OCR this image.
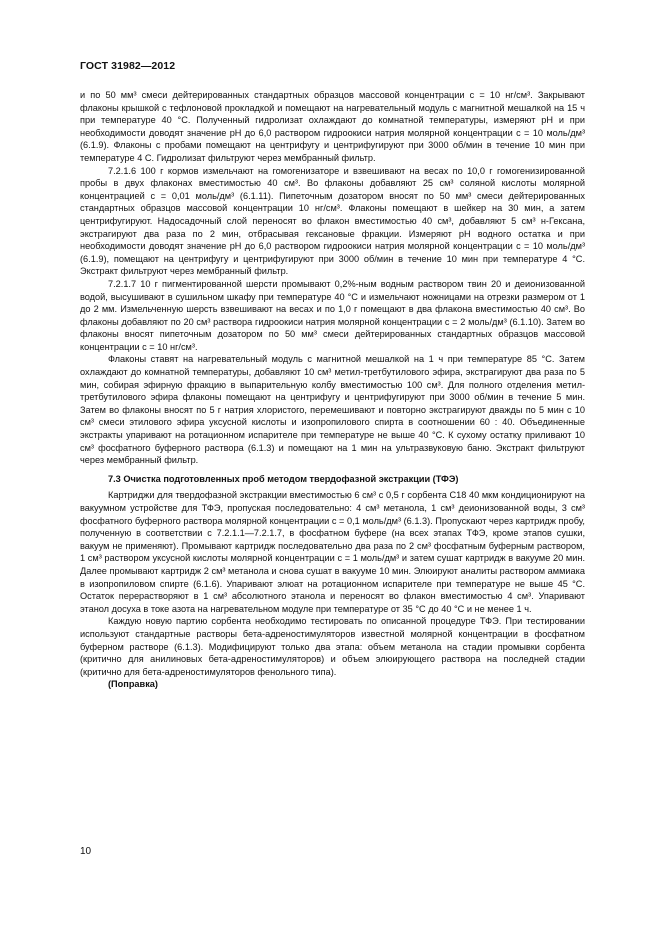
ГОСТ 31982—2012

и по 50 мм³ смеси дейтерированных стандартных образцов массовой концентрации c = 10 нг/см³. Закрывают флаконы крышкой с тефлоновой прокладкой и помещают на нагревательный модуль с магнитной мешалкой на 15 ч при температуре 40 °C. Полученный гидролизат охлаждают до комнатной температуры, измеряют pH и при необходимости доводят значение pH до 6,0 раствором гидроокиси натрия молярной концентрации c = 10 моль/дм³ (6.1.9). Флаконы с пробами помещают на центрифугу и центрифугируют при 3000 об/мин в течение 10 мин при температуре 4 C. Гидролизат фильтруют через мембранный фильтр.

7.2.1.6 100 г кормов измельчают на гомогенизаторе и взвешивают на весах по 10,0 г гомогенизированной пробы в двух флаконах вместимостью 40 см³. Во флаконы добавляют 25 см³ соляной кислоты молярной концентрацией c = 0,01 моль/дм³ (6.1.11). Пипеточным дозатором вносят по 50 мм³ смеси дейтерированных стандартных образцов массовой концентрации 10 нг/см³. Флаконы помещают в шейкер на 30 мин, а затем центрифугируют. Надосадочный слой переносят во флакон вместимостью 40 см³, добавляют 5 см³ н-Гексана, экстрагируют два раза по 2 мин, отбрасывая гексановые фракции. Измеряют pH водного остатка и при необходимости доводят значение pH до 6,0 раствором гидроокиси натрия молярной концентрации c = 10 моль/дм³ (6.1.9), помещают на центрифугу и центрифугируют при 3000 об/мин в течение 10 мин при температуре 4 °C. Экстракт фильтруют через мембранный фильтр.

7.2.1.7 10 г пигментированной шерсти промывают 0,2%-ным водным раствором твин 20 и деионизованной водой, высушивают в сушильном шкафу при температуре 40 °C и измельчают ножницами на отрезки размером от 1 до 2 мм. Измельченную шерсть взвешивают на весах и по 1,0 г помещают в два флакона вместимостью 40 см³. Во флаконы добавляют по 20 см³ раствора гидроокиси натрия молярной концентрации c = 2 моль/дм³ (6.1.10). Затем во флаконы вносят пипеточным дозатором по 50 мм³ смеси дейтерированных стандартных образцов массовой концентрации c = 10 нг/см³.

Флаконы ставят на нагревательный модуль с магнитной мешалкой на 1 ч при температуре 85 °C. Затем охлаждают до комнатной температуры, добавляют 10 см³ метил-третбутилового эфира, экстрагируют два раза по 5 мин, собирая эфирную фракцию в выпарительную колбу вместимостью 100 см³. Для полного отделения метил-третбутилового эфира флаконы помещают на центрифугу и центрифугируют при 3000 об/мин в течение 5 мин. Затем во флаконы вносят по 5 г натрия хлористого, перемешивают и повторно экстрагируют дважды по 5 мин с 10 см³ смеси этилового эфира уксусной кислоты и изопропилового спирта в соотношении 60 : 40. Объединенные экстракты упаривают на ротационном испарителе при температуре не выше 40 °C. К сухому остатку приливают 10 см³ фосфатного буферного раствора (6.1.3) и помещают на 1 мин на ультразвуковую баню. Экстракт фильтруют через мембранный фильтр.

7.3 Очистка подготовленных проб методом твердофазной экстракции (ТФЭ)

Картриджи для твердофазной экстракции вместимостью 6 см³ с 0,5 г сорбента C18 40 мкм кондиционируют на вакуумном устройстве для ТФЭ, пропуская последовательно: 4 см³ метанола, 1 см³ деионизованной воды, 3 см³ фосфатного буферного раствора молярной концентрации c = 0,1 моль/дм³ (6.1.3). Пропускают через картридж пробу, полученную в соответствии с 7.2.1.1—7.2.1.7, в фосфатном буфере (на всех этапах ТФЭ, кроме этапов сушки, вакуум не применяют). Промывают картридж последовательно два раза по 2 см³ фосфатным буферным раствором, 1 см³ раствором уксусной кислоты молярной концентрации c = 1 моль/дм³ и затем сушат картридж в вакууме 20 мин. Далее промывают картридж 2 см³ метанола и снова сушат в вакууме 10 мин. Элюируют аналиты раствором аммиака в изопропиловом спирте (6.1.6). Упаривают элюат на ротационном испарителе при температуре не выше 45 °C. Остаток перерастворяют в 1 см³ абсолютного этанола и переносят во флакон вместимостью 4 см³. Упаривают этанол досуха в токе азота на нагревательном модуле при температуре от 35 °C до 40 °C и не менее 1 ч.

Каждую новую партию сорбента необходимо тестировать по описанной процедуре ТФЭ. При тестировании используют стандартные растворы бета-адреностимуляторов известной молярной концентрации в фосфатном буферном растворе (6.1.3). Модифицируют только два этапа: объем метанола на стадии промывки сорбента (критично для анилиновых бета-адреностимуляторов) и объем элюирующего раствора на последней стадии (критично для бета-адреностимуляторов фенольного типа).

(Поправка)

10
